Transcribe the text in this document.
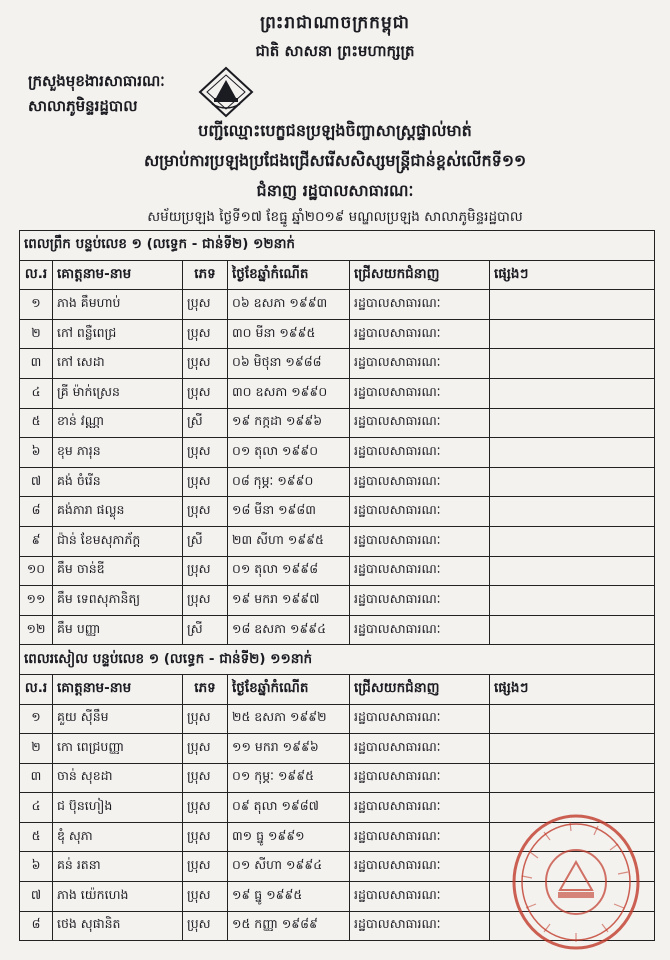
ព្រះរាជាណាចក្រកម្ពុជា
ជាតិ សាសនា ព្រះមហាក្សត្រ
ក្រសួងមុខងារសាធារណៈ
សាលាភូមិន្ទរដ្ឋបាល
បញ្ជីឈ្មោះបេក្ខជនប្រឡងចិញ្ចាសាស្ត្រផ្ទាល់មាត់
សម្រាប់ការប្រឡងប្រជែងជ្រើសរើសសិស្សមន្ត្រីជាន់ខ្ពស់លើកទី១១
ជំនាញ រដ្ឋបាលសាធារណៈ
សម័យប្រឡង ថ្ងៃទី១៧ ខែធ្នូ ឆ្នាំ២០១៩ មណ្ឌលប្រឡង សាលាភូមិន្ទរដ្ឋបាល
ពេលព្រឹក បន្ទប់លេខ ១ (លទ្ធេក - ជាន់ទី២) ១២នាក់					
ល.រ	គោត្តនាម-នាម	ភេទ	ថ្ងៃខែឆ្នាំកំណើត	ជ្រើសយកជំនាញ	ផ្សេងៗ
១	ភាង គឹមហាប់	ប្រុស	០៦ ឧសភា ១៩៩៣	រដ្ឋបាលសាធារណៈ	
២	កៅ ពន្លឺពេជ្រ	ប្រុស	៣០ មីនា ១៩៩៥	រដ្ឋបាលសាធារណៈ	
៣	កៅ សេដា	ប្រុស	០៦ មិថុនា ១៩៨៨	រដ្ឋបាលសាធារណៈ	
៤	គ្រី ម៉ាក់ស្រេន	ប្រុស	៣០ ឧសភា ១៩៩០	រដ្ឋបាលសាធារណៈ	
៥	ខាន់ វណ្ណា	ស្រី	១៩ កក្កដា ១៩៩៦	រដ្ឋបាលសាធារណៈ	
៦	ខុម ភារុន	ប្រុស	០១ តុលា ១៩៩០	រដ្ឋបាលសាធារណៈ	
៧	គង់ ចំរើន	ប្រុស	០៨ កុម្ភៈ ១៩៩០	រដ្ឋបាលសាធារណៈ	
៨	គង់ភារា ផល្លុន	ប្រុស	១៨ មីនា ១៩៨៣	រដ្ឋបាលសាធារណៈ	
៩	ជ៉ាន់ ខែមសុភាភ័ក្ត	ស្រី	២៣ សីហា ១៩៩៥	រដ្ឋបាលសាធារណៈ	
១០	គឹម ចាន់ឌី	ប្រុស	០១ តុលា ១៩៩៨	រដ្ឋបាលសាធារណៈ	
១១	គឹម ទេពសុភានិត្យ	ប្រុស	១៩ មករា ១៩៩៧	រដ្ឋបាលសាធារណៈ	
១២	គឹម បញ្ញា	ស្រី	១៨ ឧសភា ១៩៩៤	រដ្ឋបាលសាធារណៈ	
ពេលរសៀល បន្ទប់លេខ ១ (លទ្ធេក - ជាន់ទី២) ១១នាក់					
ល.រ	គោត្តនាម-នាម	ភេទ	ថ្ងៃខែឆ្នាំកំណើត	ជ្រើសយកជំនាញ	ផ្សេងៗ
១	គួយ ស៊ីនឹម	ប្រុស	២៥ ឧសភា ១៩៩២	រដ្ឋបាលសាធារណៈ	
២	កោ ពេជ្របញ្ញា	ប្រុស	១១ មករា ១៩៩៦	រដ្ឋបាលសាធារណៈ	
៣	ចាន់ សុខដា	ប្រុស	០១ កុម្ភៈ ១៩៩៥	រដ្ឋបាលសាធារណៈ	
៤	ជ ប៊ុនហៀង	ប្រុស	០៩ តុលា ១៩៨៧	រដ្ឋបាលសាធារណៈ	
៥	ឌុំ សុភា	ប្រុស	៣១ ធ្នូ ១៩៩១	រដ្ឋបាលសាធារណៈ	
៦	គន់ រតនា	ប្រុស	០១ សីហា ១៩៩៤	រដ្ឋបាលសាធារណៈ	
៧	ភាង យ៉េកហេង	ប្រុស	១៩ ធ្នូ ១៩៩៥	រដ្ឋបាលសាធារណៈ	
៨	ថេង សុផានិត	ប្រុស	១៥ កញ្ញា ១៩៨៩	រដ្ឋបាលសាធារណៈ	
